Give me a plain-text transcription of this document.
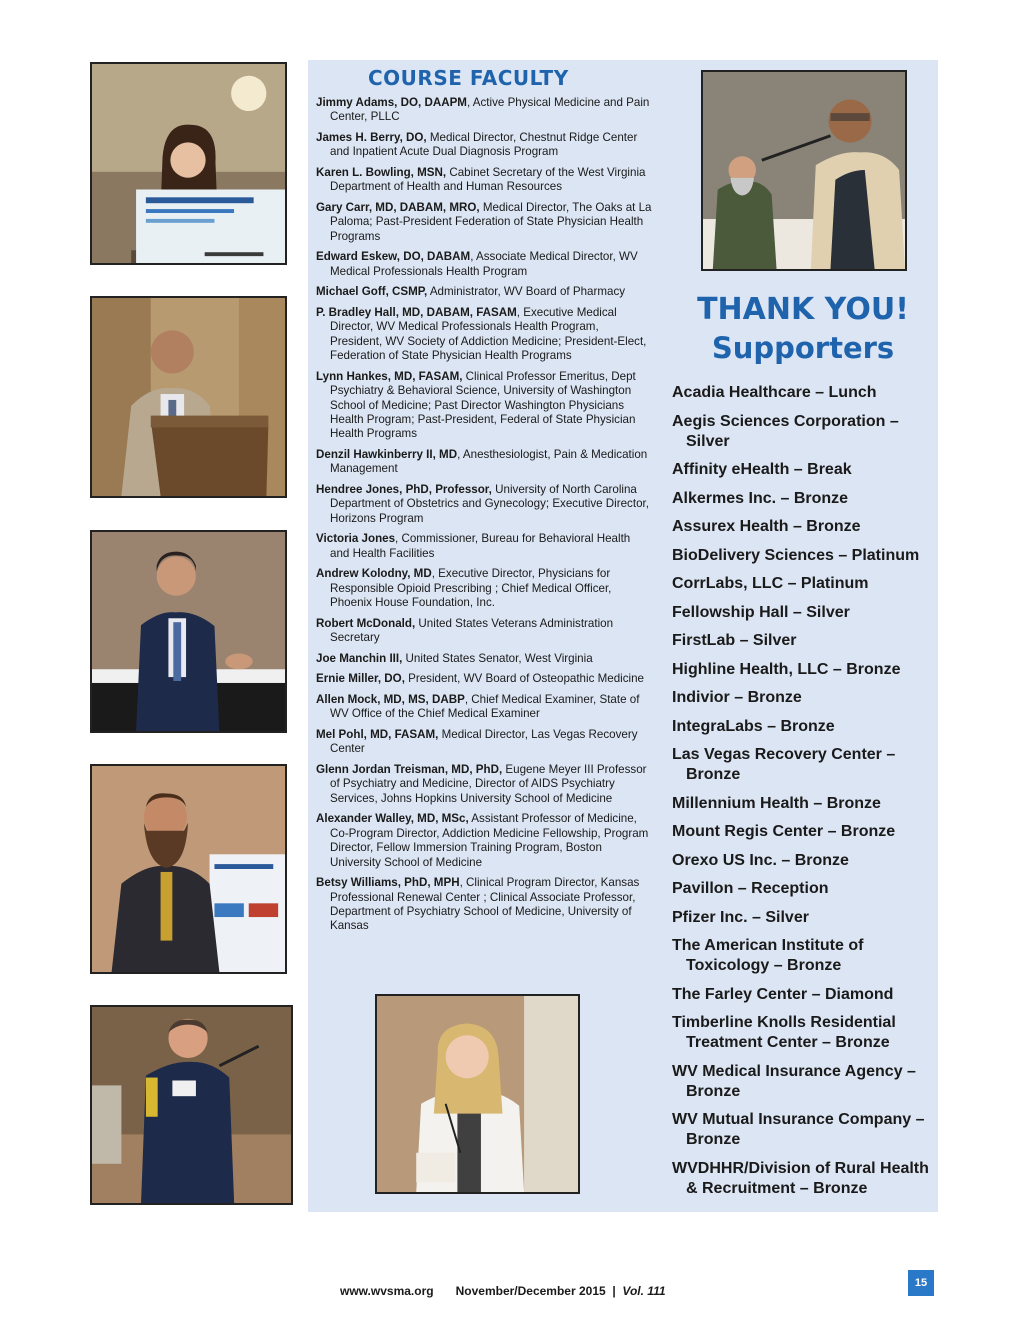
COURSE FACULTY
Jimmy Adams, DO, DAAPM, Active Physical Medicine and Pain Center, PLLC
James H. Berry, DO, Medical Director, Chestnut Ridge Center and Inpatient Acute Dual Diagnosis Program
Karen L. Bowling, MSN, Cabinet Secretary of the West Virginia Department of Health and Human Resources
Gary Carr, MD, DABAM, MRO, Medical Director, The Oaks at La Paloma; Past-President Federation of State Physician Health Programs
Edward Eskew, DO, DABAM, Associate Medical Director, WV Medical Professionals Health Program
Michael Goff, CSMP, Administrator, WV Board of Pharmacy
P. Bradley Hall, MD, DABAM, FASAM, Executive Medical Director, WV Medical Professionals Health Program, President, WV Society of Addiction Medicine; President-Elect, Federation of State Physician Health Programs
Lynn Hankes, MD, FASAM, Clinical Professor Emeritus, Dept Psychiatry & Behavioral Science, University of Washington School of Medicine; Past Director Washington Physicians Health Program; Past-President, Federal of State Physician Health Programs
Denzil Hawkinberry II, MD, Anesthesiologist, Pain & Medication Management
Hendree Jones, PhD, Professor, University of North Carolina Department of Obstetrics and Gynecology; Executive Director, Horizons Program
Victoria Jones, Commissioner, Bureau for Behavioral Health and Health Facilities
Andrew Kolodny, MD, Executive Director, Physicians for Responsible Opioid Prescribing ; Chief Medical Officer, Phoenix House Foundation, Inc.
Robert McDonald, United States Veterans Administration Secretary
Joe Manchin III, United States Senator, West Virginia
Ernie Miller, DO, President, WV Board of Osteopathic Medicine
Allen Mock, MD, MS, DABP, Chief Medical Examiner, State of WV Office of the Chief Medical Examiner
Mel Pohl, MD, FASAM, Medical Director, Las Vegas Recovery Center
Glenn Jordan Treisman, MD, PhD, Eugene Meyer III Professor of Psychiatry and Medicine, Director of AIDS Psychiatry Services, Johns Hopkins University School of Medicine
Alexander Walley, MD, MSc, Assistant Professor of Medicine, Co-Program Director, Addiction Medicine Fellowship, Program Director, Fellow Immersion Training Program, Boston University School of Medicine
Betsy Williams, PhD, MPH, Clinical Program Director, Kansas Professional Renewal Center ; Clinical Associate Professor, Department of Psychiatry School of Medicine, University of Kansas
THANK YOU!
Supporters
Acadia Healthcare – Lunch
Aegis Sciences Corporation – Silver
Affinity eHealth – Break
Alkermes Inc. – Bronze
Assurex Health – Bronze
BioDelivery Sciences – Platinum
CorrLabs, LLC – Platinum
Fellowship Hall – Silver
FirstLab – Silver
Highline Health, LLC – Bronze
Indivior – Bronze
IntegraLabs – Bronze
Las Vegas Recovery Center – Bronze
Millennium Health – Bronze
Mount Regis Center – Bronze
Orexo US Inc. – Bronze
Pavillon – Reception
Pfizer Inc. – Silver
The American Institute of Toxicology – Bronze
The Farley Center – Diamond
Timberline Knolls Residential Treatment Center – Bronze
WV Medical Insurance Agency – Bronze
WV Mutual Insurance Company – Bronze
WVDHHR/Division of Rural Health & Recruitment – Bronze
www.wvsma.org November/December 2015 | Vol. 111
15
